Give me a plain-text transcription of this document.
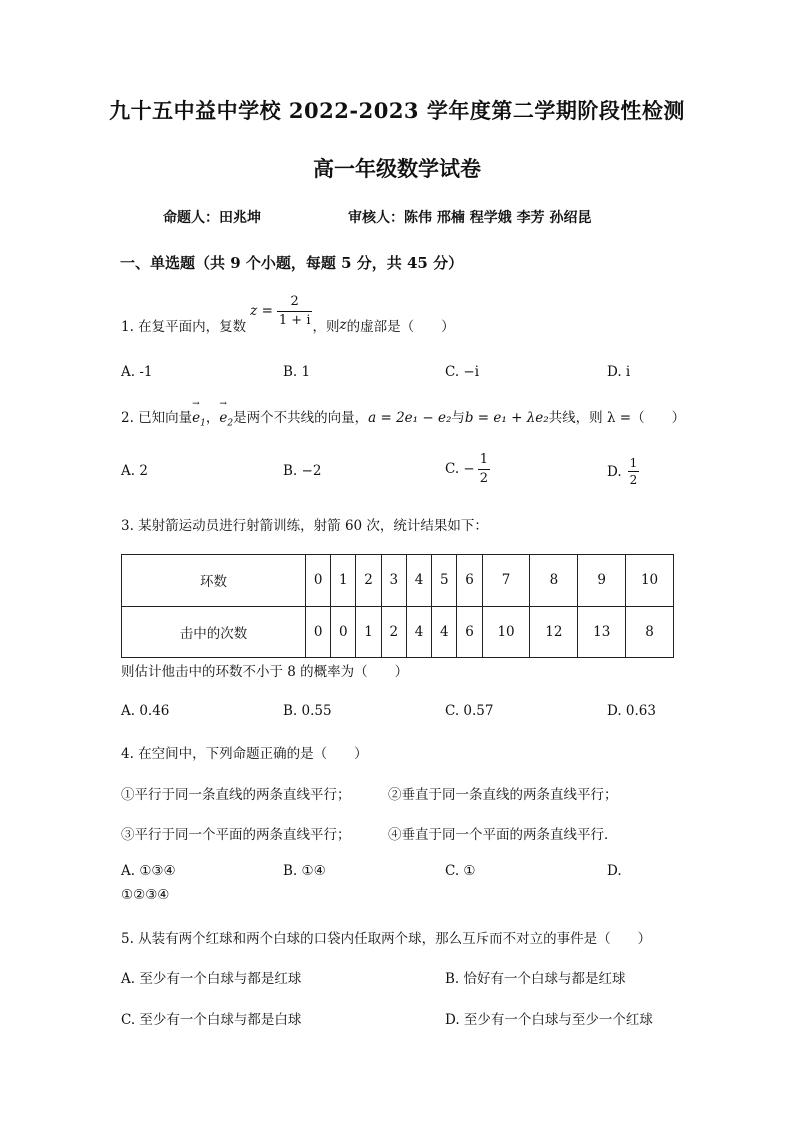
九十五中益中学校 2022-2023 学年度第二学期阶段性检测
高一年级数学试卷
命题人：田兆坤	审核人：陈伟 邢楠 程学娥 李芳 孙绍昆
一、单选题（共 9 个小题，每题 5 分，共 45 分）
1. 在复平面内，复数
$z = \frac{2}{1 + i}$ ，则 z 的虚部是（　　）
A. -1	B. 1	C. −i	D. i
2. 已知向量→ $e_1$，→ $e_2$是两个不共线的向量，a = 2e₁ − e₂与b = e₁ + λe₂共线，则 λ =（　　）
A. 2	B. −2	C. − $\frac{1}{2}$	D. $\frac{1}{2}$
3. 某射箭运动员进行射箭训练，射箭 60 次，统计结果如下：
环数	0	1	2	3	4	5	6	7	8	9	10
击中的次数	0	0	1	2	4	4	6	10	12	13	8
则估计他击中的环数不小于 8 的概率为（　　）
A. 0.46	B. 0.55	C. 0.57	D. 0.63
4. 在空间中，下列命题正确的是（　　）
①平行于同一条直线的两条直线平行；	②垂直于同一条直线的两条直线平行；
③平行于同一个平面的两条直线平行；	④垂直于同一个平面的两条直线平行．
A. ①③④	B. ①④	C. ①	D.
①②③④
5. 从装有两个红球和两个白球的口袋内任取两个球，那么互斥而不对立的事件是（　　）
A. 至少有一个白球与都是红球	B. 恰好有一个白球与都是红球
C. 至少有一个白球与都是白球	D. 至少有一个白球与至少一个红球
